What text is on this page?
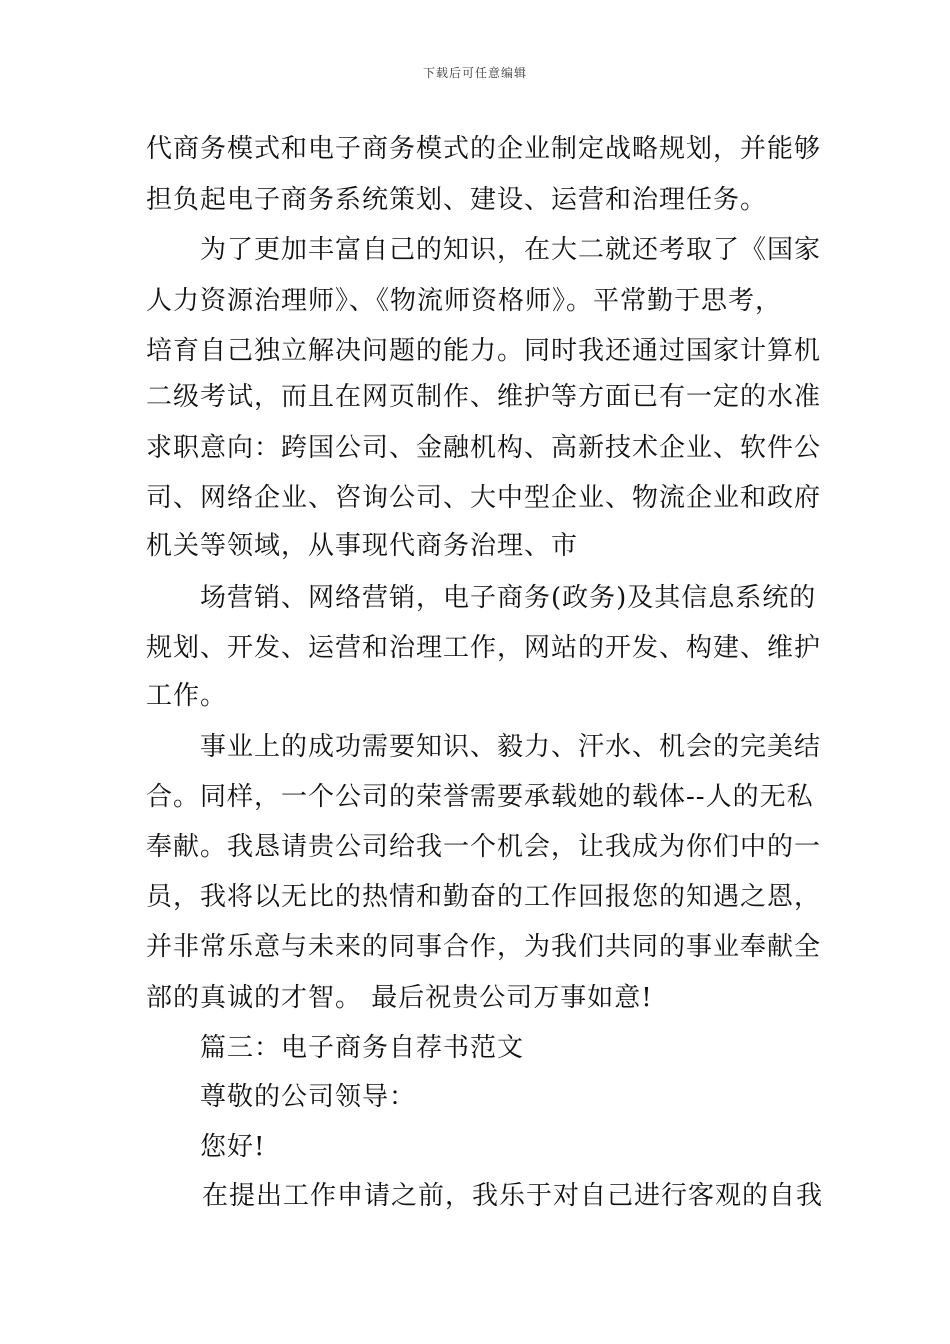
下载后可任意编辑
代商务模式和电子商务模式的企业制定战略规划，并能够
担负起电子商务系统策划、建设、运营和治理任务。
为了更加丰富自己的知识，在大二就还考取了《国家
人力资源治理师》、《物流师资格师》。平常勤于思考，
培育自己独立解决问题的能力。同时我还通过国家计算机
二级考试，而且在网页制作、维护等方面已有一定的水准
求职意向：跨国公司、金融机构、高新技术企业、软件公
司、网络企业、咨询公司、大中型企业、物流企业和政府
机关等领域，从事现代商务治理、市
场营销、网络营销，电子商务(政务)及其信息系统的
规划、开发、运营和治理工作，网站的开发、构建、维护
工作。
事业上的成功需要知识、毅力、汗水、机会的完美结
合。同样，一个公司的荣誉需要承载她的载体--人的无私
奉献。我恳请贵公司给我一个机会，让我成为你们中的一
员，我将以无比的热情和勤奋的工作回报您的知遇之恩，
并非常乐意与未来的同事合作，为我们共同的事业奉献全
部的真诚的才智。 最后祝贵公司万事如意!
篇三：电子商务自荐书范文
尊敬的公司领导：
您好!
在提出工作申请之前，我乐于对自己进行客观的自我
